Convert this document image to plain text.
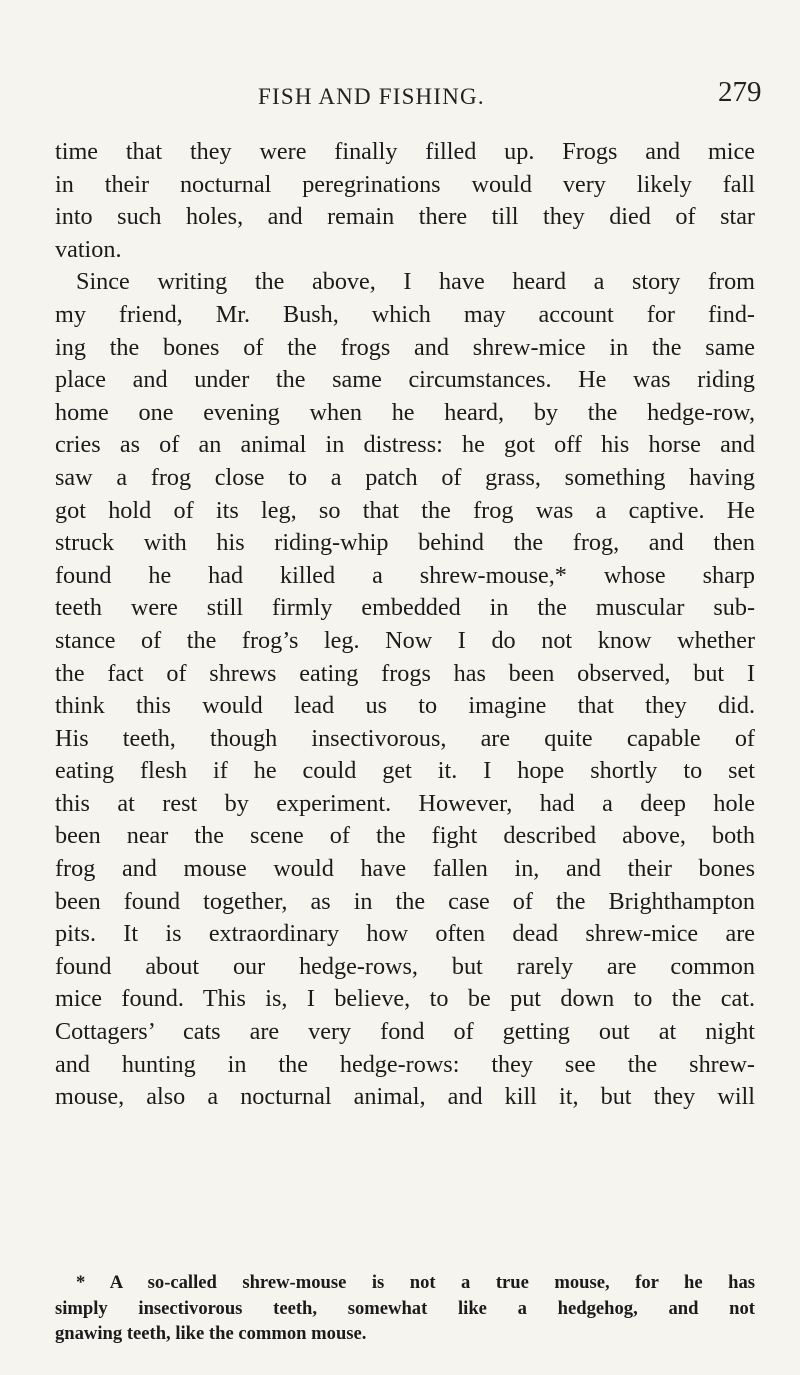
FISH AND FISHING.	279
time that they were finally filled up. Frogs and mice
in their nocturnal peregrinations would very likely fall
into such holes, and remain there till they died of star
vation.
Since writing the above, I have heard a story from
my friend, Mr. Bush, which may account for find-
ing the bones of the frogs and shrew-mice in the same
place and under the same circumstances. He was riding
home one evening when he heard, by the hedge-row,
cries as of an animal in distress: he got off his horse and
saw a frog close to a patch of grass, something having
got hold of its leg, so that the frog was a captive. He
struck with his riding-whip behind the frog, and then
found he had killed a shrew-mouse,* whose sharp
teeth were still firmly embedded in the muscular sub-
stance of the frog’s leg. Now I do not know whether
the fact of shrews eating frogs has been observed, but I
think this would lead us to imagine that they did.
His teeth, though insectivorous, are quite capable of
eating flesh if he could get it. I hope shortly to set
this at rest by experiment. However, had a deep hole
been near the scene of the fight described above, both
frog and mouse would have fallen in, and their bones
been found together, as in the case of the Brighthampton
pits. It is extraordinary how often dead shrew-mice are
found about our hedge-rows, but rarely are common
mice found. This is, I believe, to be put down to the cat.
Cottagers’ cats are very fond of getting out at night
and hunting in the hedge-rows: they see the shrew-
mouse, also a nocturnal animal, and kill it, but they will
* A so-called shrew-mouse is not a true mouse, for he has
simply insectivorous teeth, somewhat like a hedgehog, and not
gnawing teeth, like the common mouse.
